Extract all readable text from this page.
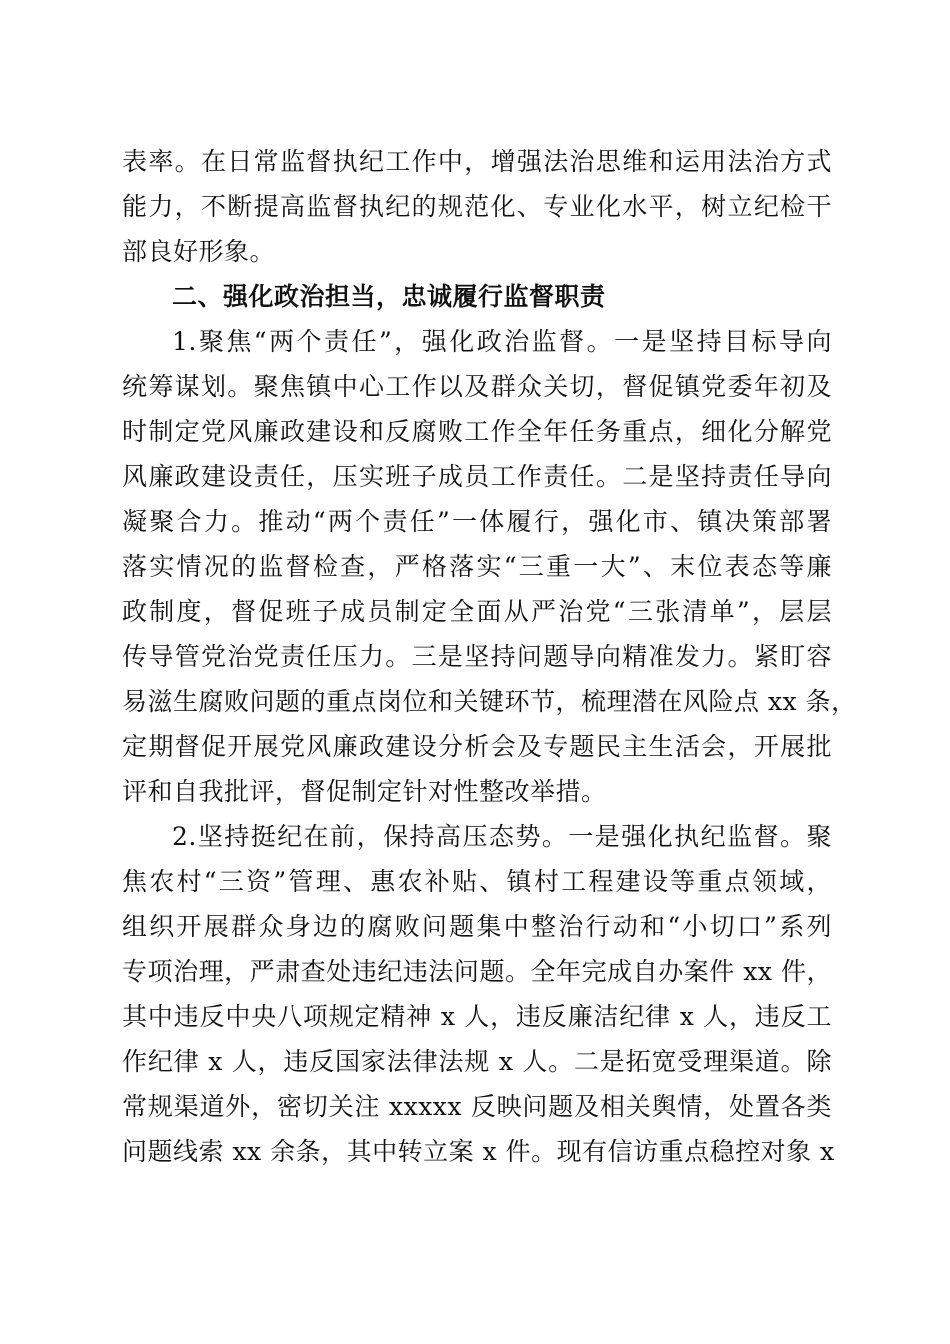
表率。在日常监督执纪工作中，增强法治思维和运用法治方式
能力，不断提高监督执纪的规范化、专业化水平，树立纪检干
部良好形象。
二、强化政治担当，忠诚履行监督职责
1.聚焦“两个责任”，强化政治监督。一是坚持目标导向
统筹谋划。聚焦镇中心工作以及群众关切，督促镇党委年初及
时制定党风廉政建设和反腐败工作全年任务重点，细化分解党
风廉政建设责任，压实班子成员工作责任。二是坚持责任导向
凝聚合力。推动“两个责任”一体履行，强化市、镇决策部署
落实情况的监督检查，严格落实“三重一大”、末位表态等廉
政制度，督促班子成员制定全面从严治党“三张清单”，层层
传导管党治党责任压力。三是坚持问题导向精准发力。紧盯容
易滋生腐败问题的重点岗位和关键环节，梳理潜在风险点 xx 条，
定期督促开展党风廉政建设分析会及专题民主生活会，开展批
评和自我批评，督促制定针对性整改举措。
2.坚持挺纪在前，保持高压态势。一是强化执纪监督。聚
焦农村“三资”管理、惠农补贴、镇村工程建设等重点领域，
组织开展群众身边的腐败问题集中整治行动和“小切口”系列
专项治理，严肃查处违纪违法问题。全年完成自办案件 xx 件，
其中违反中央八项规定精神 x 人，违反廉洁纪律 x 人，违反工
作纪律 x 人，违反国家法律法规 x 人。二是拓宽受理渠道。除
常规渠道外，密切关注 xxxxx 反映问题及相关舆情，处置各类
问题线索 xx 余条，其中转立案 x 件。现有信访重点稳控对象 x
